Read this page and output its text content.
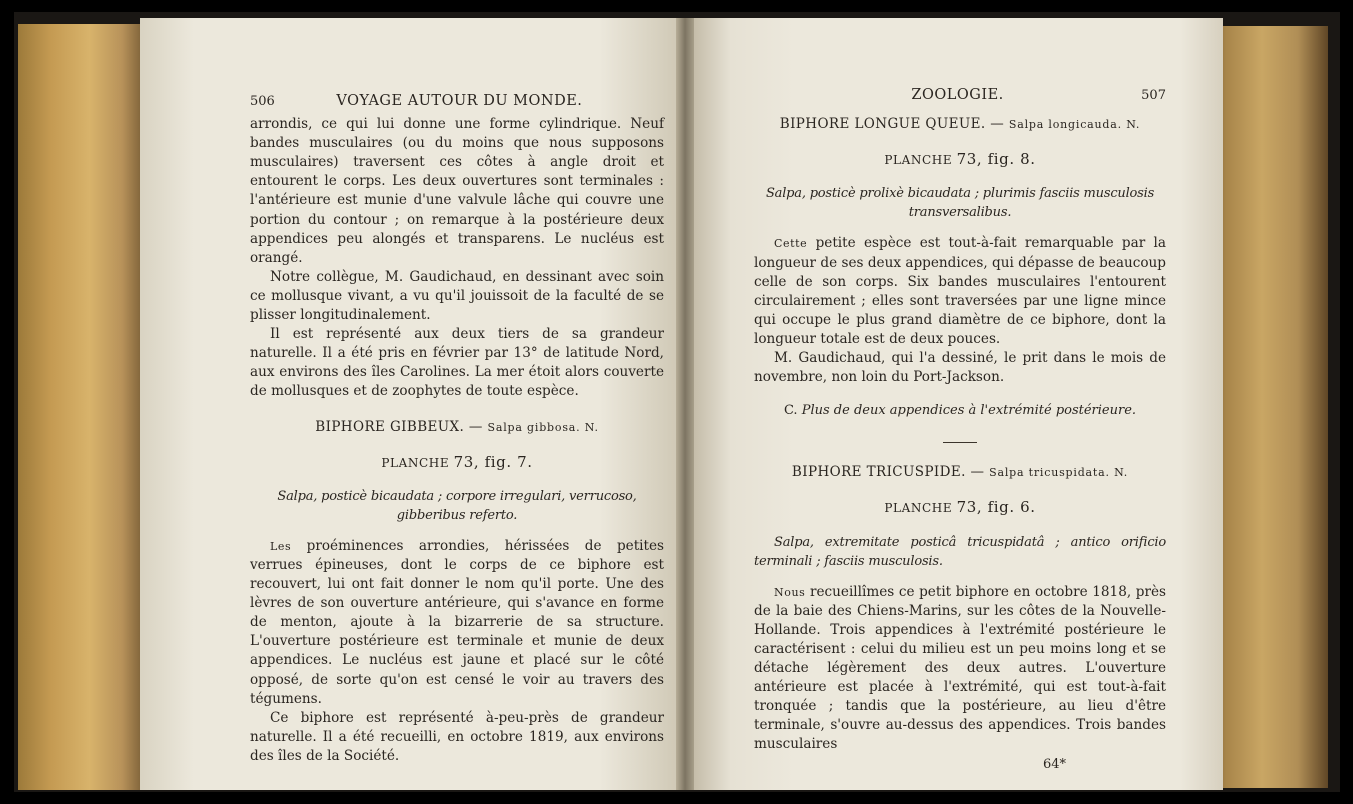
506	VOYAGE AUTOUR DU MONDE.

arrondis, ce qui lui donne une forme cylindrique. Neuf bandes musculaires (ou du moins que nous supposons musculaires) traversent ces côtes à angle droit et entourent le corps. Les deux ouvertures sont terminales : l'antérieure est munie d'une valvule lâche qui couvre une portion du contour ; on remarque à la postérieure deux appendices peu alongés et transparens. Le nucléus est orangé.

Notre collègue, M. Gaudichaud, en dessinant avec soin ce mollusque vivant, a vu qu'il jouissoit de la faculté de se plisser longitudinalement.

Il est représenté aux deux tiers de sa grandeur naturelle. Il a été pris en février par 13° de latitude Nord, aux environs des îles Carolines. La mer étoit alors couverte de mollusques et de zoophytes de toute espèce.

BIPHORE GIBBEUX. — Salpa gibbosa. N.
PLANCHE 73, fig. 7.
Salpa, posticè bicaudata ; corpore irregulari, verrucoso, gibberibus referto.

Les proéminences arrondies, hérissées de petites verrues épineuses, dont le corps de ce biphore est recouvert, lui ont fait donner le nom qu'il porte. Une des lèvres de son ouverture antérieure, qui s'avance en forme de menton, ajoute à la bizarrerie de sa structure. L'ouverture postérieure est terminale et munie de deux appendices. Le nucléus est jaune et placé sur le côté opposé, de sorte qu'on est censé le voir au travers des tégumens.

Ce biphore est représenté à-peu-près de grandeur naturelle. Il a été recueilli, en octobre 1819, aux environs des îles de la Société.

ZOOLOGIE.	507
BIPHORE LONGUE QUEUE. — Salpa longicauda. N.
PLANCHE 73, fig. 8.
Salpa, posticè prolixè bicaudata ; plurimis fasciis musculosis transversalibus.

Cette petite espèce est tout-à-fait remarquable par la longueur de ses deux appendices, qui dépasse de beaucoup celle de son corps. Six bandes musculaires l'entourent circulairement ; elles sont traversées par une ligne mince qui occupe le plus grand diamètre de ce biphore, dont la longueur totale est de deux pouces.

M. Gaudichaud, qui l'a dessiné, le prit dans le mois de novembre, non loin du Port-Jackson.

C. Plus de deux appendices à l'extrémité postérieure.
BIPHORE TRICUSPIDE. — Salpa tricuspidata. N.
PLANCHE 73, fig. 6.
Salpa, extremitate posticâ tricuspidatâ ; antico orificio terminali ; fasciis musculosis.

Nous recueillîmes ce petit biphore en octobre 1818, près de la baie des Chiens-Marins, sur les côtes de la Nouvelle-Hollande. Trois appendices à l'extrémité postérieure le caractérisent : celui du milieu est un peu moins long et se détache légèrement des deux autres. L'ouverture antérieure est placée à l'extrémité, qui est tout-à-fait tronquée ; tandis que la postérieure, au lieu d'être terminale, s'ouvre au-dessus des appendices. Trois bandes musculaires

64*
